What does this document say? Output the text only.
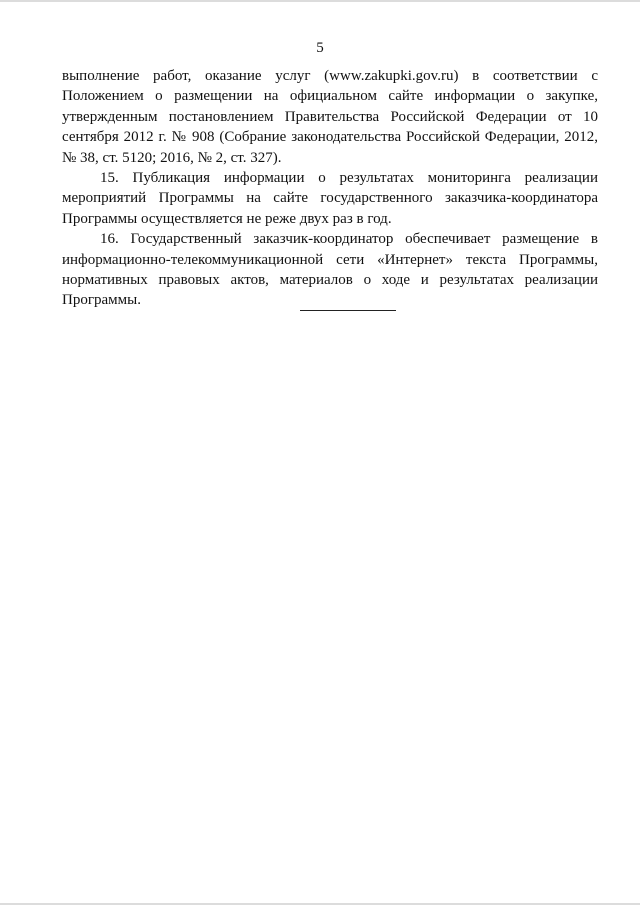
5

выполнение работ, оказание услуг (www.zakupki.gov.ru) в соответствии с Положением о размещении на официальном сайте информации о закупке, утвержденным постановлением Правительства Российской Федерации от 10 сентября 2012 г. № 908 (Собрание законодательства Российской Федерации, 2012, № 38, ст. 5120; 2016, № 2, ст. 327).

15. Публикация информации о результатах мониторинга реализации мероприятий Программы на сайте государственного заказчика-координатора Программы осуществляется не реже двух раз в год.

16. Государственный заказчик-координатор обеспечивает размещение в информационно-телекоммуникационной сети «Интернет» текста Программы, нормативных правовых актов, материалов о ходе и результатах реализации Программы.
